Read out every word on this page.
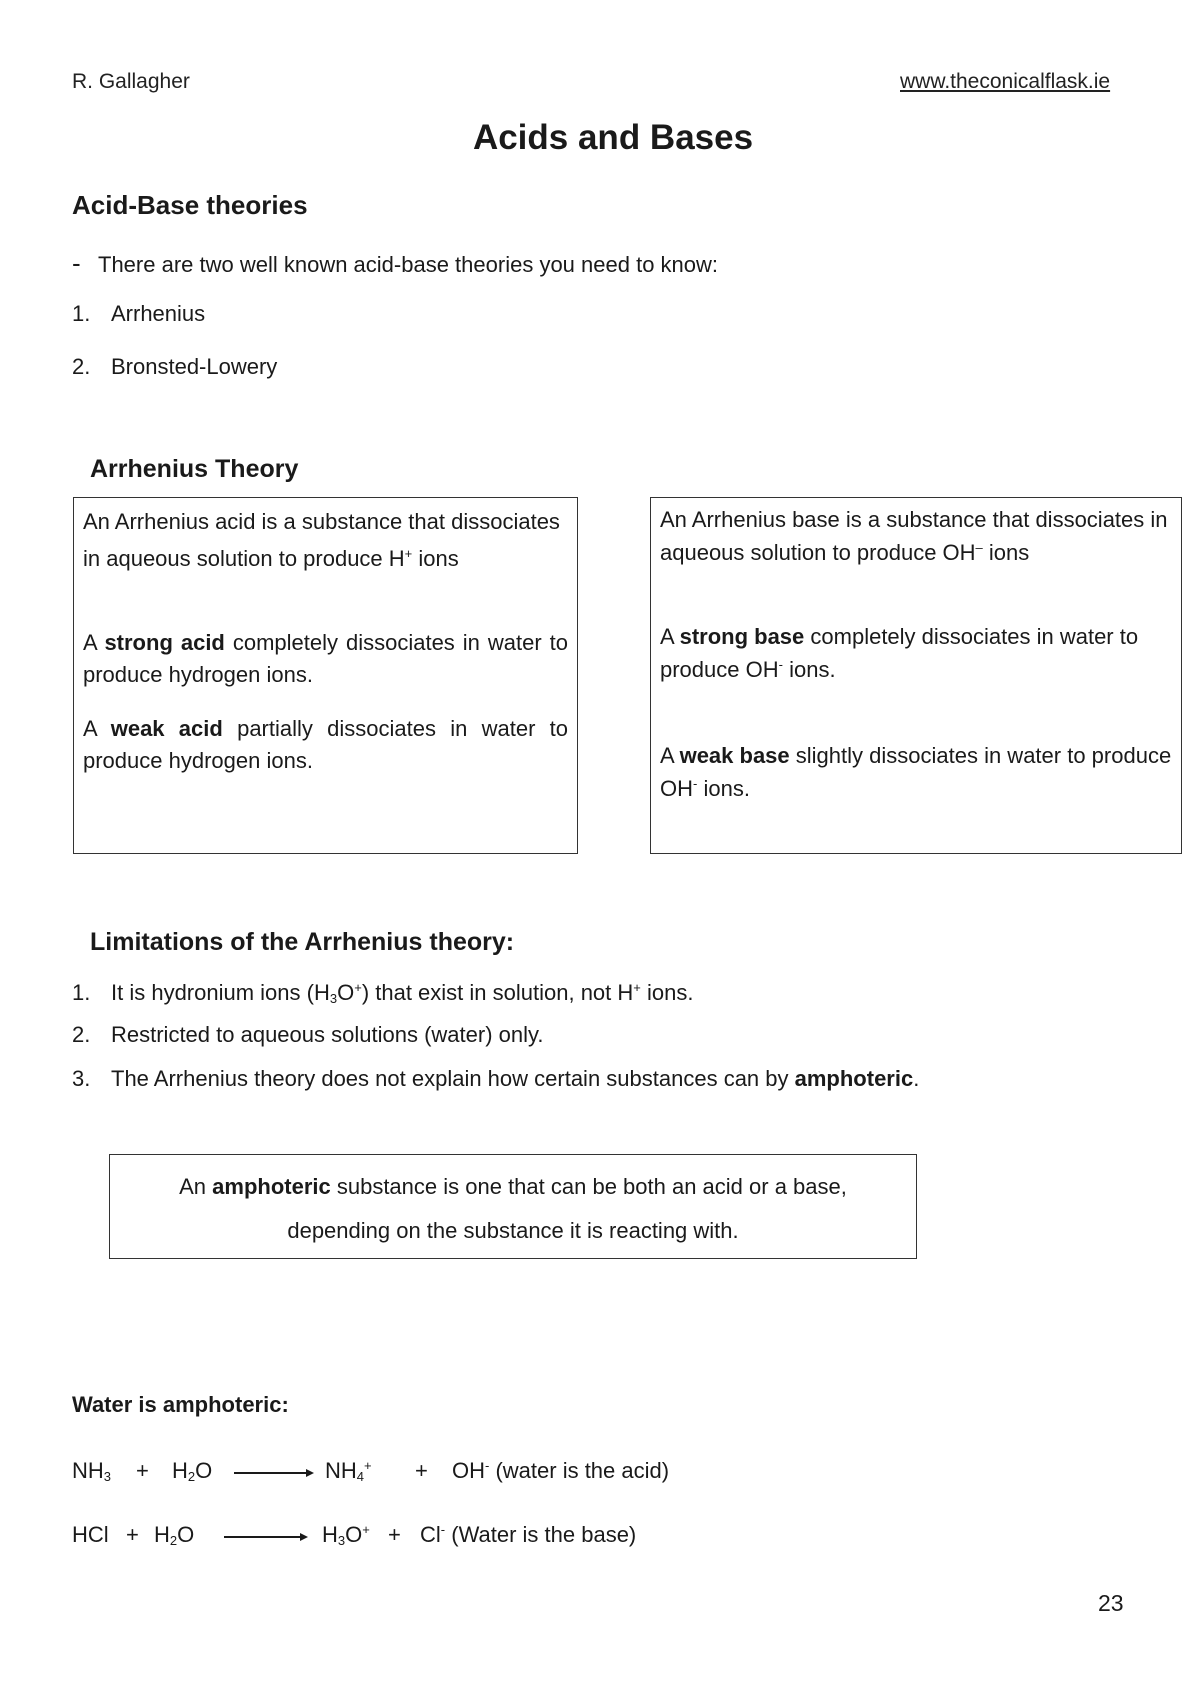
R. Gallagher	www.theconicalflask.ie
Acids and Bases
Acid-Base theories
- There are two well known acid-base theories you need to know:
1. Arrhenius
2. Bronsted-Lowery
Arrhenius Theory

An Arrhenius acid is a substance that dissociates in aqueous solution to produce H+ ions

A strong acid completely dissociates in water to produce hydrogen ions.

A weak acid partially dissociates in water to produce hydrogen ions.

An Arrhenius base is a substance that dissociates in aqueous solution to produce OH– ions

A strong base completely dissociates in water to produce OH- ions.

A weak base slightly dissociates in water to produce OH- ions.

Limitations of the Arrhenius theory:
1. It is hydronium ions $(H_3O^+)$ that exist in solution, not H+ ions.
2. Restricted to aqueous solutions (water) only.
3. The Arrhenius theory does not explain how certain substances can by amphoteric.

An amphoteric substance is one that can be both an acid or a base,

depending on the substance it is reacting with.

Water is amphoteric:
$NH_3 + H_2O \to NH_4^+ + OH^-$ (water is the acid)
HCl + $H_2O \to H_3O^+ + Cl^-$ (Water is the base)
23
